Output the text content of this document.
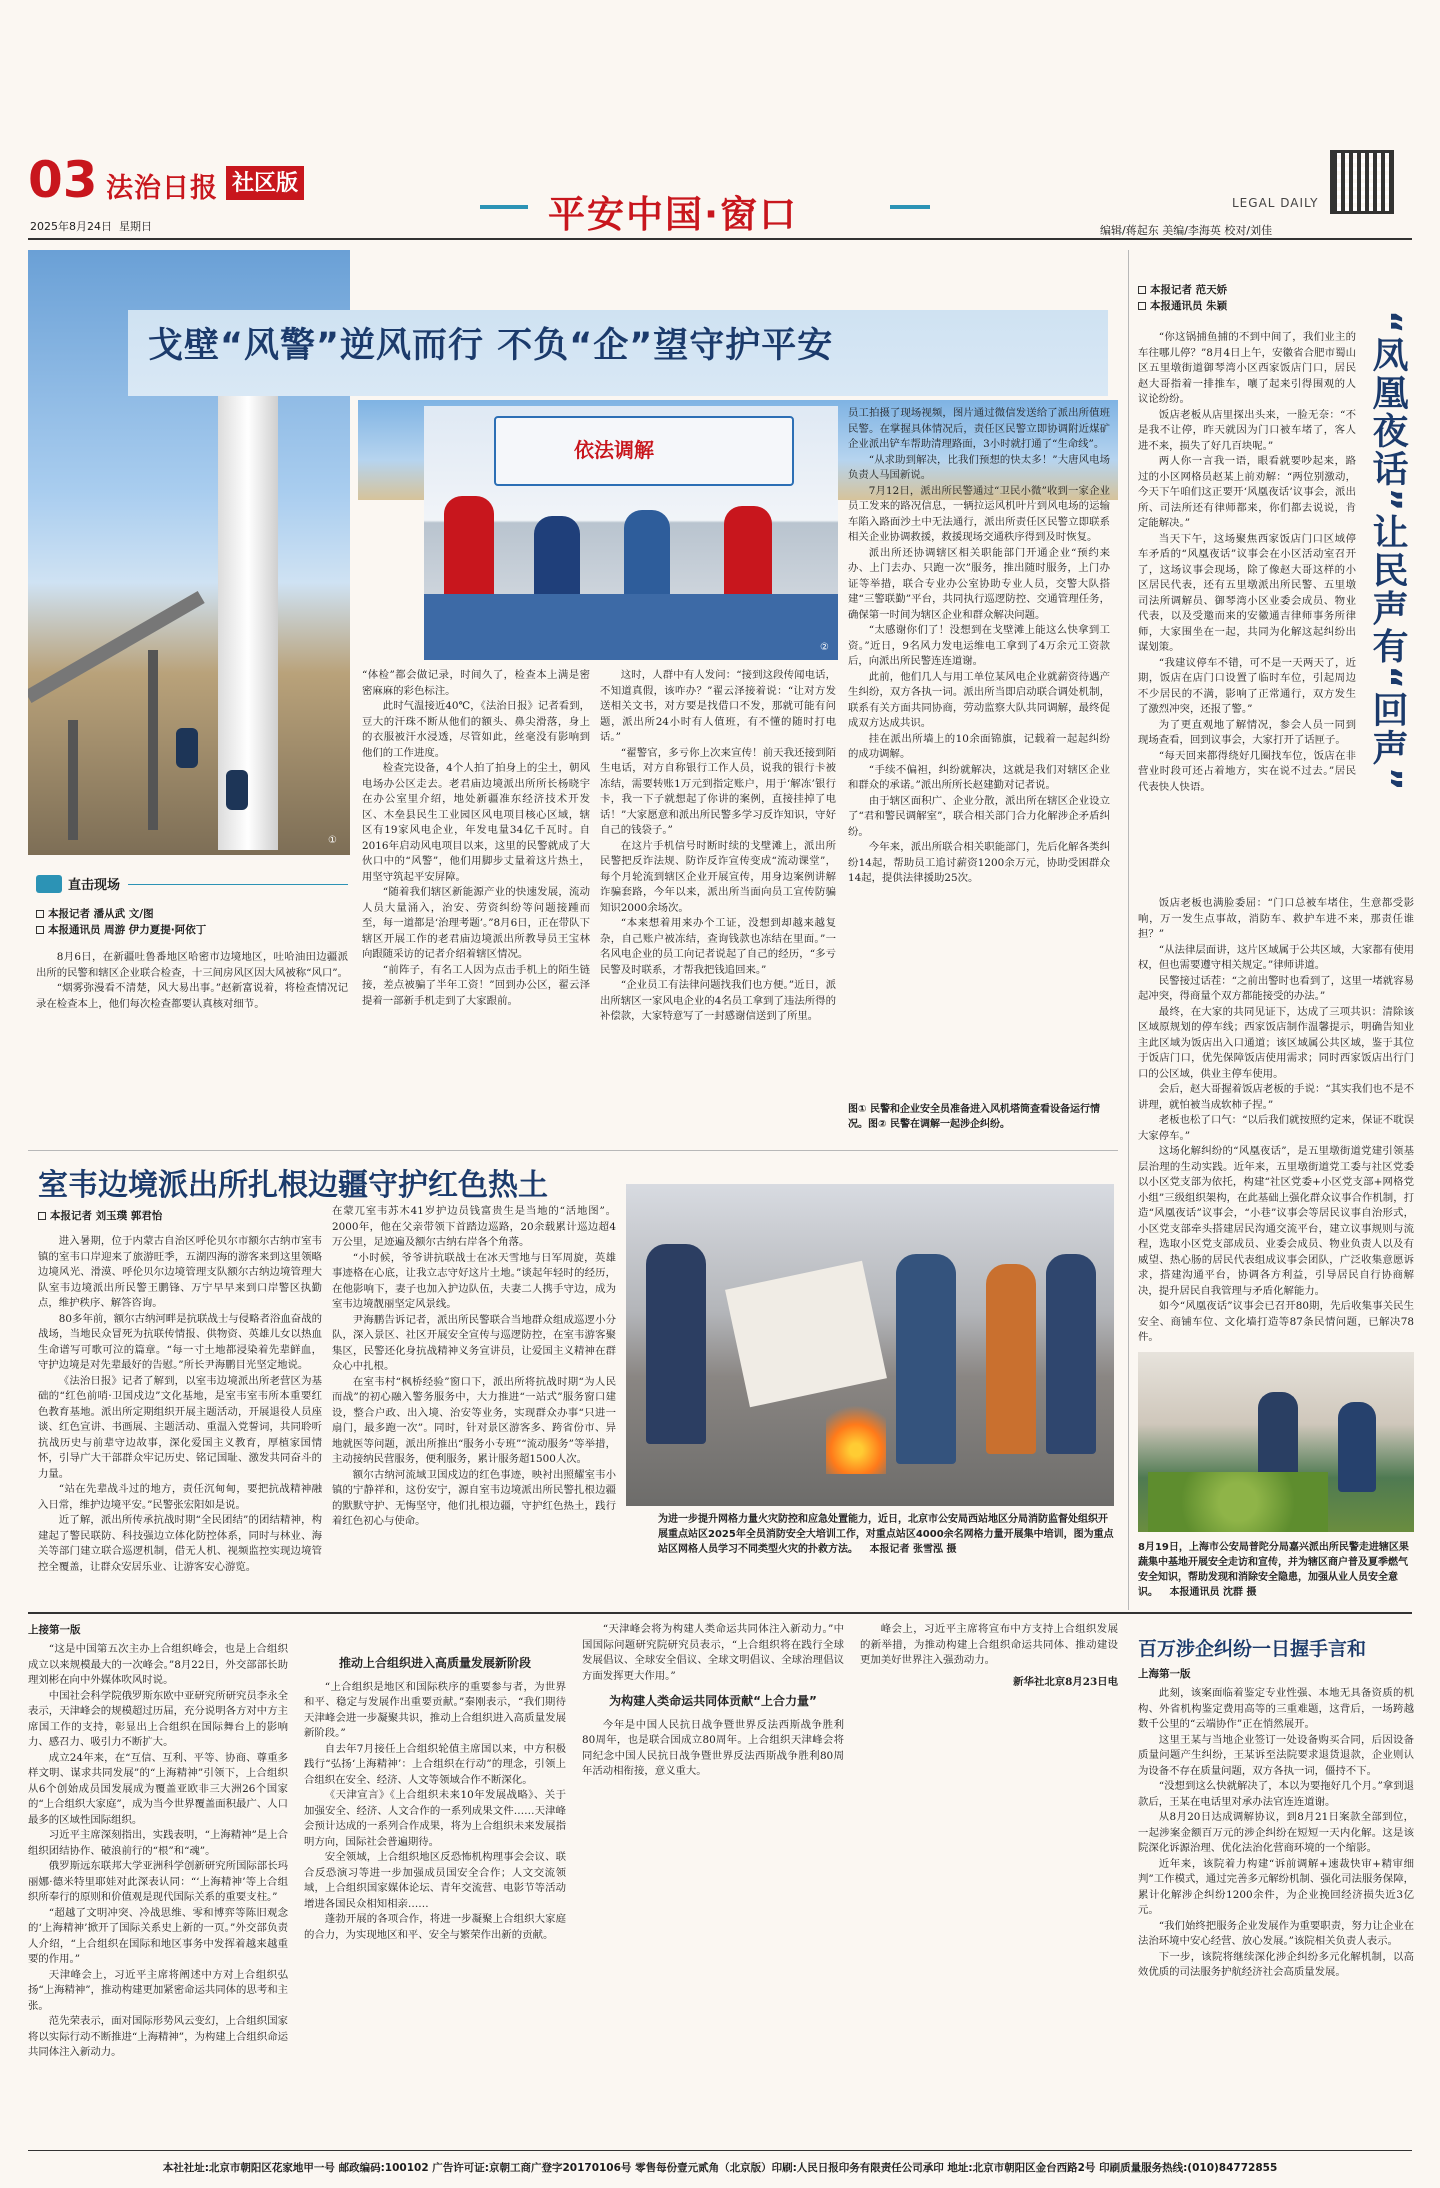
03 法治日报 社区版
2025年8月24日 星期日	平安中国·窗口	LEGAL DAILY
编辑/蒋起东 美编/李海英 校对/刘佳
①
戈壁“风警”逆风而行 不负“企”望守护平安
依法调解
②
直击现场
本报记者 潘从武 文/图
本报通讯员 周游 伊力夏提·阿依丁

8月6日，在新疆吐鲁番地区哈密市边境地区，吐哈油田边疆派出所的民警和辖区企业联合检查，十三间房风区因大风被称“风口”。

“烟雾弥漫看不清楚，风大易出事。”赵新富说着，将检查情况记录在检查本上，他们每次检查都要认真核对细节。

“体检”都会做记录，时间久了，检查本上满是密密麻麻的彩色标注。

此时气温接近40℃，《法治日报》记者看到，豆大的汗珠不断从他们的额头、鼻尖滑落，身上的衣服被汗水浸透，尽管如此，丝毫没有影响到他们的工作进度。

检查完设备，4个人拍了拍身上的尘土，朝风电场办公区走去。老君庙边境派出所所长杨晓宇在办公室里介绍，地处新疆准东经济技术开发区、木垒县民生工业园区风电项目核心区域，辖区有19家风电企业，年发电量34亿千瓦时。自2016年启动风电项目以来，这里的民警就成了大伙口中的“风警”，他们用脚步丈量着这片热土，用坚守筑起平安屏障。

“随着我们辖区新能源产业的快速发展，流动人员大量涌入，治安、劳资纠纷等问题接踵而至，每一道都是‘治理考题’。”8月6日，正在带队下辖区开展工作的老君庙边境派出所教导员王宝林向跟随采访的记者介绍着辖区情况。

“前阵子，有名工人因为点击手机上的陌生链接，差点被骗了半年工资！”回到办公区，翟云泽提着一部新手机走到了大家跟前。

这时，人群中有人发问：“接到这段传闻电话，不知道真假，该咋办？”翟云泽接着说：“让对方发送相关文书，对方要是找借口不发，那就可能有问题，派出所24小时有人值班，有不懂的随时打电话。”

“翟警官，多亏你上次来宣传！前天我还接到陌生电话，对方自称银行工作人员，说我的银行卡被冻结，需要转账1万元到指定账户，用于‘解冻’银行卡，我一下子就想起了你讲的案例，直接挂掉了电话！”大家愿意和派出所民警多学习反诈知识，守好自己的钱袋子。”

在这片手机信号时断时续的戈壁滩上，派出所民警把反诈法规、防诈反诈宣传变成“流动课堂”，每个月轮流到辖区企业开展宣传，用身边案例讲解诈骗套路，今年以来，派出所当面向员工宣传防骗知识2000余场次。

“本来想着用来办个工证，没想到却越来越复杂，自己账户被冻结，查询钱款也冻结在里面。”一名风电企业的员工向记者说起了自己的经历，“多亏民警及时联系，才帮我把钱追回来。”

“企业员工有法律问题找我们也方便。”近日，派出所辖区一家风电企业的4名员工拿到了违法所得的补偿款，大家特意写了一封感谢信送到了所里。

员工拍摄了现场视频，图片通过微信发送给了派出所值班民警。在掌握具体情况后，责任区民警立即协调附近煤矿企业派出铲车帮助清理路面，3小时就打通了“生命线”。

“从求助到解决，比我们预想的快太多！”大唐风电场负责人马国新说。

7月12日，派出所民警通过“卫民小微”收到一家企业员工发来的路况信息，一辆拉运风机叶片到风电场的运输车陷入路面沙土中无法通行，派出所责任区民警立即联系相关企业协调救援，救援现场交通秩序得到及时恢复。

派出所还协调辖区相关职能部门开通企业“预约来办、上门去办、只跑一次”服务，推出随时服务，上门办证等举措，联合专业办公室协助专业人员，交警大队搭建“三警联勤”平台，共同执行巡逻防控、交通管理任务，确保第一时间为辖区企业和群众解决问题。

“太感谢你们了！没想到在戈壁滩上能这么快拿到工资。”近日，9名风力发电运维电工拿到了4万余元工资款后，向派出所民警连连道谢。

此前，他们几人与用工单位某风电企业就薪资待遇产生纠纷，双方各执一词。派出所当即启动联合调处机制，联系有关方面共同协商，劳动监察大队共同调解，最终促成双方达成共识。

挂在派出所墙上的10余面锦旗，记载着一起起纠纷的成功调解。

“手续不偏袒，纠纷就解决，这就是我们对辖区企业和群众的承诺。”派出所所长赵建勤对记者说。

由于辖区面积广、企业分散，派出所在辖区企业设立了“君和警民调解室”，联合相关部门合力化解涉企矛盾纠纷。

今年来，派出所联合相关职能部门，先后化解各类纠纷14起，帮助员工追讨薪资1200余万元，协助受困群众14起，提供法律援助25次。

图① 民警和企业安全员准备进入风机塔筒查看设备运行情况。图② 民警在调解一起涉企纠纷。
本报记者 范天娇
本报通讯员 朱颖
“凤凰夜话”让民声有“回声”

“你这锅捕鱼捕的不到中间了，我们业主的车往哪儿停？”8月4日上午，安徽省合肥市蜀山区五里墩街道御琴湾小区西家饭店门口，居民赵大哥指着一排推车，嚷了起来引得围观的人议论纷纷。

饭店老板从店里探出头来，一脸无奈：“不是我不让停，昨天就因为门口被车堵了，客人进不来，损失了好几百块呢。”

两人你一言我一语，眼看就要吵起来，路过的小区网格员赵某上前劝解：“两位别激动，今天下午咱们这正要开‘风凰夜话’议事会，派出所、司法所还有律师都来，你们都去说说，肯定能解决。”

当天下午，这场聚焦西家饭店门口区域停车矛盾的“风凰夜话”议事会在小区活动室召开了，这场议事会现场，除了像赵大哥这样的小区居民代表，还有五里墩派出所民警、五里墩司法所调解员、御琴湾小区业委会成员、物业代表，以及受邀而来的安徽通吉律师事务所律师，大家围坐在一起，共同为化解这起纠纷出谋划策。

“我建议停车不错，可不是一天两天了，近期，饭店在店门口设置了临时车位，引起周边不少居民的不满，影响了正常通行，双方发生了激烈冲突，还报了警。”

为了更直观地了解情况，参会人员一同到现场查看，回到议事会，大家打开了话匣子。

“每天回来都得绕好几圈找车位，饭店在非营业时段可还占着地方，实在说不过去。”居民代表快人快语。

饭店老板也满脸委屈：“门口总被车堵住，生意都受影响，万一发生点事故，消防车、救护车进不来，那责任谁担？”

“从法律层面讲，这片区域属于公共区域，大家都有使用权，但也需要遵守相关规定。”律师讲道。

民警接过话茬：“之前出警时也看到了，这里一堵就容易起冲突，得商量个双方都能接受的办法。”

最终，在大家的共同见证下，达成了三项共识：清除该区域原规划的停车线；西家饭店制作温馨提示，明确告知业主此区域为饭店出入口通道；该区域属公共区域，鉴于其位于饭店门口，优先保障饭店使用需求；同时西家饭店出行门口的公区域，供业主停车使用。

会后，赵大哥握着饭店老板的手说：“其实我们也不是不讲理，就怕被当成软柿子捏。”

老板也松了口气：“以后我们就按照约定来，保证不耽误大家停车。”

这场化解纠纷的“风凰夜话”，是五里墩街道党建引领基层治理的生动实践。近年来，五里墩街道党工委与社区党委以小区党支部为依托，构建“社区党委+小区党支部+网格党小组”三级组织架构，在此基础上强化群众议事合作机制，打造“风凰夜话”议事会，“小巷”议事会等居民议事自治形式，小区党支部牵头搭建居民沟通交流平台，建立议事规则与流程，选取小区党支部成员、业委会成员、物业负责人以及有威望、热心肠的居民代表组成议事会团队，广泛收集意愿诉求，搭建沟通平台，协调各方利益，引导居民自行协商解决，提升居民自我管理与矛盾化解能力。

如今“风凰夜话”议事会已召开80期，先后收集事关民生安全、商铺车位、文化墙打造等87条民情问题，已解决78件。

8月19日，上海市公安局普陀分局嘉兴派出所民警走进辖区果蔬集中基地开展安全走访和宣传，并为辖区商户普及夏季燃气安全知识，帮助发现和消除安全隐患，加强从业人员安全意识。 本报通讯员 沈群 摄
室韦边境派出所扎根边疆守护红色热土
本报记者 刘玉璞 郭君怡

进入暑期，位于内蒙古自治区呼伦贝尔市额尔古纳市室韦镇的室韦口岸迎来了旅游旺季，五湖四海的游客来到这里领略边境风光、滑漠、呼伦贝尔边境管理支队额尔古纳边境管理大队室韦边境派出所民警王鹏锋、万宁早早来到口岸警区执勤点，维护秩序、解答咨询。

80多年前，额尔古纳河畔是抗联战士与侵略者浴血奋战的战场，当地民众冒死为抗联传情报、供物资、英雄儿女以热血生命谱写可歌可泣的篇章。“每一寸土地都浸染着先辈鲜血，守护边境是对先辈最好的告慰。”所长尹海鹏目光坚定地说。

《法治日报》记者了解到，以室韦边境派出所老营区为基础的“红色前哨·卫国戍边”文化基地，是室韦室韦所本重要红色教育基地。派出所定期组织开展主题活动，开展退役人员座谈、红色宣讲、书画展、主题活动、重温入党誓词，共同聆听抗战历史与前辈守边故事，深化爱国主义教育，厚植家国情怀，引导广大干部群众牢记历史、铭记国耻、激发共同奋斗的力量。

“站在先辈战斗过的地方，责任沉甸甸，要把抗战精神融入日常，维护边境平安。”民警张宏阳如是说。

近了解，派出所传承抗战时期“全民团结”的团结精神，构建起了警民联防、科技强边立体化防控体系，同时与林业、海关等部门建立联合巡逻机制，借无人机、视频监控实现边境管控全覆盖，让群众安居乐业、让游客安心游览。

在蒙兀室韦苏木41岁护边员钱富贵生是当地的“活地图”。2000年，他在父亲带领下首踏边巡路，20余载累计巡边超4万公里，足迹遍及额尔古纳右岸各个角落。

“小时候，爷爷讲抗联战士在冰天雪地与日军周旋，英雄事迹格在心底，让我立志守好这片土地。”谈起年轻时的经历，在他影响下，妻子也加入护边队伍，夫妻二人携手守边，成为室韦边境靓丽坚定风景线。

尹海鹏告诉记者，派出所民警联合当地群众组成巡逻小分队，深入景区、社区开展安全宣传与巡逻防控，在室韦游客聚集区，民警还化身抗战精神义务宣讲员，让爱国主义精神在群众心中扎根。

在室韦村“枫桥经验”窗口下，派出所将抗战时期“为人民而战”的初心融入警务服务中，大力推进“一站式”服务窗口建设，整合户政、出入境、治安等业务，实现群众办事“只进一扇门，最多跑一次”。同时，针对景区游客多、跨省份市、异地就医等问题，派出所推出“服务小专班”“流动服务”等举措，主动接纳民营服务，便利服务，累计服务超1500人次。

额尔古纳河流域卫国戍边的红色事迹，映衬出照耀室韦小镇的宁静祥和，这份安宁，源自室韦边境派出所民警扎根边疆的默默守护、无悔坚守，他们扎根边疆，守护红色热土，践行着红色初心与使命。	为进一步提升网格力量火灾防控和应急处置能力，近日，北京市公安局西站地区分局消防监督处组织开展重点站区2025年全员消防安全大培训工作，对重点站区4000余名网格力量开展集中培训，图为重点站区网格人员学习不同类型火灾的扑救方法。 本报记者 张雪泓 摄
上接第一版

“这是中国第五次主办上合组织峰会，也是上合组织成立以来规模最大的一次峰会。”8月22日，外交部部长助理刘彬在向中外媒体吹风时说。

中国社会科学院俄罗斯东欧中亚研究所研究员李永全表示，天津峰会的规模超过历届，充分说明各方对中方主席国工作的支持，彰显出上合组织在国际舞台上的影响力、感召力、吸引力不断扩大。

成立24年来，在“互信、互利、平等、协商、尊重多样文明、谋求共同发展”的“上海精神”引领下，上合组织从6个创始成员国发展成为覆盖亚欧非三大洲26个国家的“上合组织大家庭”，成为当今世界覆盖面积最广、人口最多的区域性国际组织。

习近平主席深刻指出，实践表明，“上海精神”是上合组织团结协作、破浪前行的“根”和“魂”。

俄罗斯远东联邦大学亚洲科学创新研究所国际部长玛丽娜·德米特里耶娃对此深表认同：“‘上海精神’等上合组织所奉行的原则和价值观是现代国际关系的重要支柱。”

“超越了文明冲突、冷战思维、零和博弈等陈旧观念的‘上海精神’掀开了国际关系史上新的一页。”外交部负责人介绍，“上合组织在国际和地区事务中发挥着越来越重要的作用。”

天津峰会上，习近平主席将阐述中方对上合组织弘扬“上海精神”，推动构建更加紧密命运共同体的思考和主张。

范先荣表示，面对国际形势风云变幻，上合组织国家将以实际行动不断推进“上海精神”，为构建上合组织命运共同体注入新动力。

推动上合组织进入高质量发展新阶段

“上合组织是地区和国际秩序的重要参与者，为世界和平、稳定与发展作出重要贡献。”秦刚表示，“我们期待天津峰会进一步凝聚共识，推动上合组织进入高质量发展新阶段。”

自去年7月接任上合组织轮值主席国以来，中方积极践行“弘扬‘上海精神’：上合组织在行动”的理念，引领上合组织在安全、经济、人文等领域合作不断深化。

《天津宣言》《上合组织未来10年发展战略》、关于加强安全、经济、人文合作的一系列成果文件……天津峰会预计达成的一系列合作成果，将为上合组织未来发展指明方向，国际社会普遍期待。

安全领域，上合组织地区反恐怖机构理事会会议、联合反恐演习等进一步加强成员国安全合作；人文交流领域，上合组织国家媒体论坛、青年交流营、电影节等活动增进各国民众相知相亲……

蓬勃开展的各项合作，将进一步凝聚上合组织大家庭的合力，为实现地区和平、安全与繁荣作出新的贡献。

“天津峰会将为构建人类命运共同体注入新动力。”中国国际问题研究院研究员表示，“上合组织将在践行全球发展倡议、全球安全倡议、全球文明倡议、全球治理倡议方面发挥更大作用。”

为构建人类命运共同体贡献“上合力量”

今年是中国人民抗日战争暨世界反法西斯战争胜利80周年，也是联合国成立80周年。上合组织天津峰会将同纪念中国人民抗日战争暨世界反法西斯战争胜利80周年活动相衔接，意义重大。

峰会上，习近平主席将宣布中方支持上合组织发展的新举措，为推动构建上合组织命运共同体、推动建设更加美好世界注入强劲动力。

新华社北京8月23日电
百万涉企纠纷一日握手言和
上海第一版

此刻，该案面临着鉴定专业性强、本地无具备资质的机构、外省机构鉴定费用高等的三重难题，这背后，一场跨越数千公里的“云端协作”正在悄然展开。

这里王某与当地企业签订一处设备购买合同，后因设备质量问题产生纠纷，王某诉至法院要求退货退款，企业则认为设备不存在质量问题，双方各执一词，僵持不下。

“没想到这么快就解决了，本以为要拖好几个月。”拿到退款后，王某在电话里对承办法官连连道谢。

从8月20日达成调解协议，到8月21日案款全部到位，一起涉案金额百万元的涉企纠纷在短短一天内化解。这是该院深化诉源治理、优化法治化营商环境的一个缩影。

近年来，该院着力构建“诉前调解+速裁快审+精审细判”工作模式，通过完善多元解纷机制、强化司法服务保障，累计化解涉企纠纷1200余件，为企业挽回经济损失近3亿元。

“我们始终把服务企业发展作为重要职责，努力让企业在法治环境中安心经营、放心发展。”该院相关负责人表示。

下一步，该院将继续深化涉企纠纷多元化解机制，以高效优质的司法服务护航经济社会高质量发展。

本社社址:北京市朝阳区花家地甲一号 邮政编码:100102 广告许可证:京朝工商广登字20170106号 零售每份壹元贰角（北京版）印刷:人民日报印务有限责任公司承印 地址:北京市朝阳区金台西路2号 印刷质量服务热线:(010)84772855
